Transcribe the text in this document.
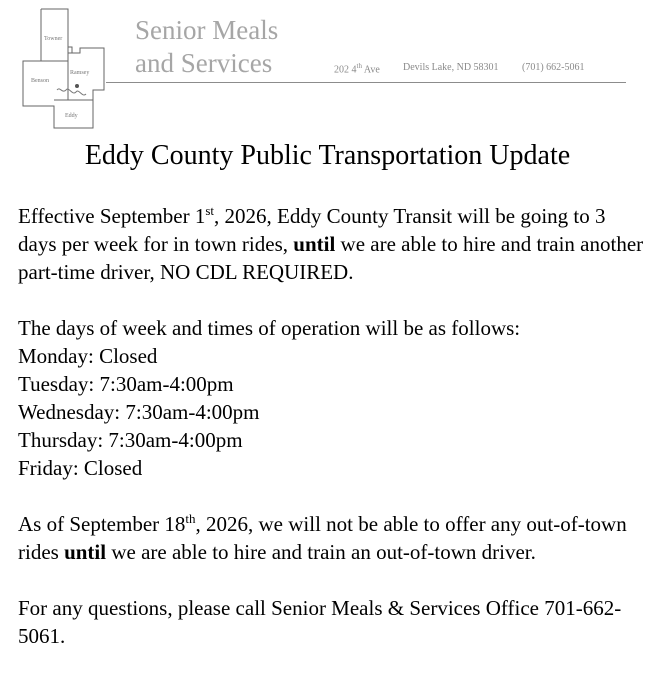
Towner
Ramsey
Benson
Eddy
Senior Meals
and Services	202 4th Ave Devils Lake, ND 58301 (701) 662-5061
Eddy County Public Transportation Update

Effective September 1st, 2026, Eddy County Transit will be going to 3 days per week for in town rides, until we are able to hire and train another part-time driver, NO CDL REQUIRED.

The days of week and times of operation will be as follows:

Monday: Closed

Tuesday: 7:30am-4:00pm

Wednesday: 7:30am-4:00pm

Thursday: 7:30am-4:00pm

Friday: Closed

As of September 18th, 2026, we will not be able to offer any out-of-town rides until we are able to hire and train an out-of-town driver.

For any questions, please call Senior Meals & Services Office 701-662-5061.
